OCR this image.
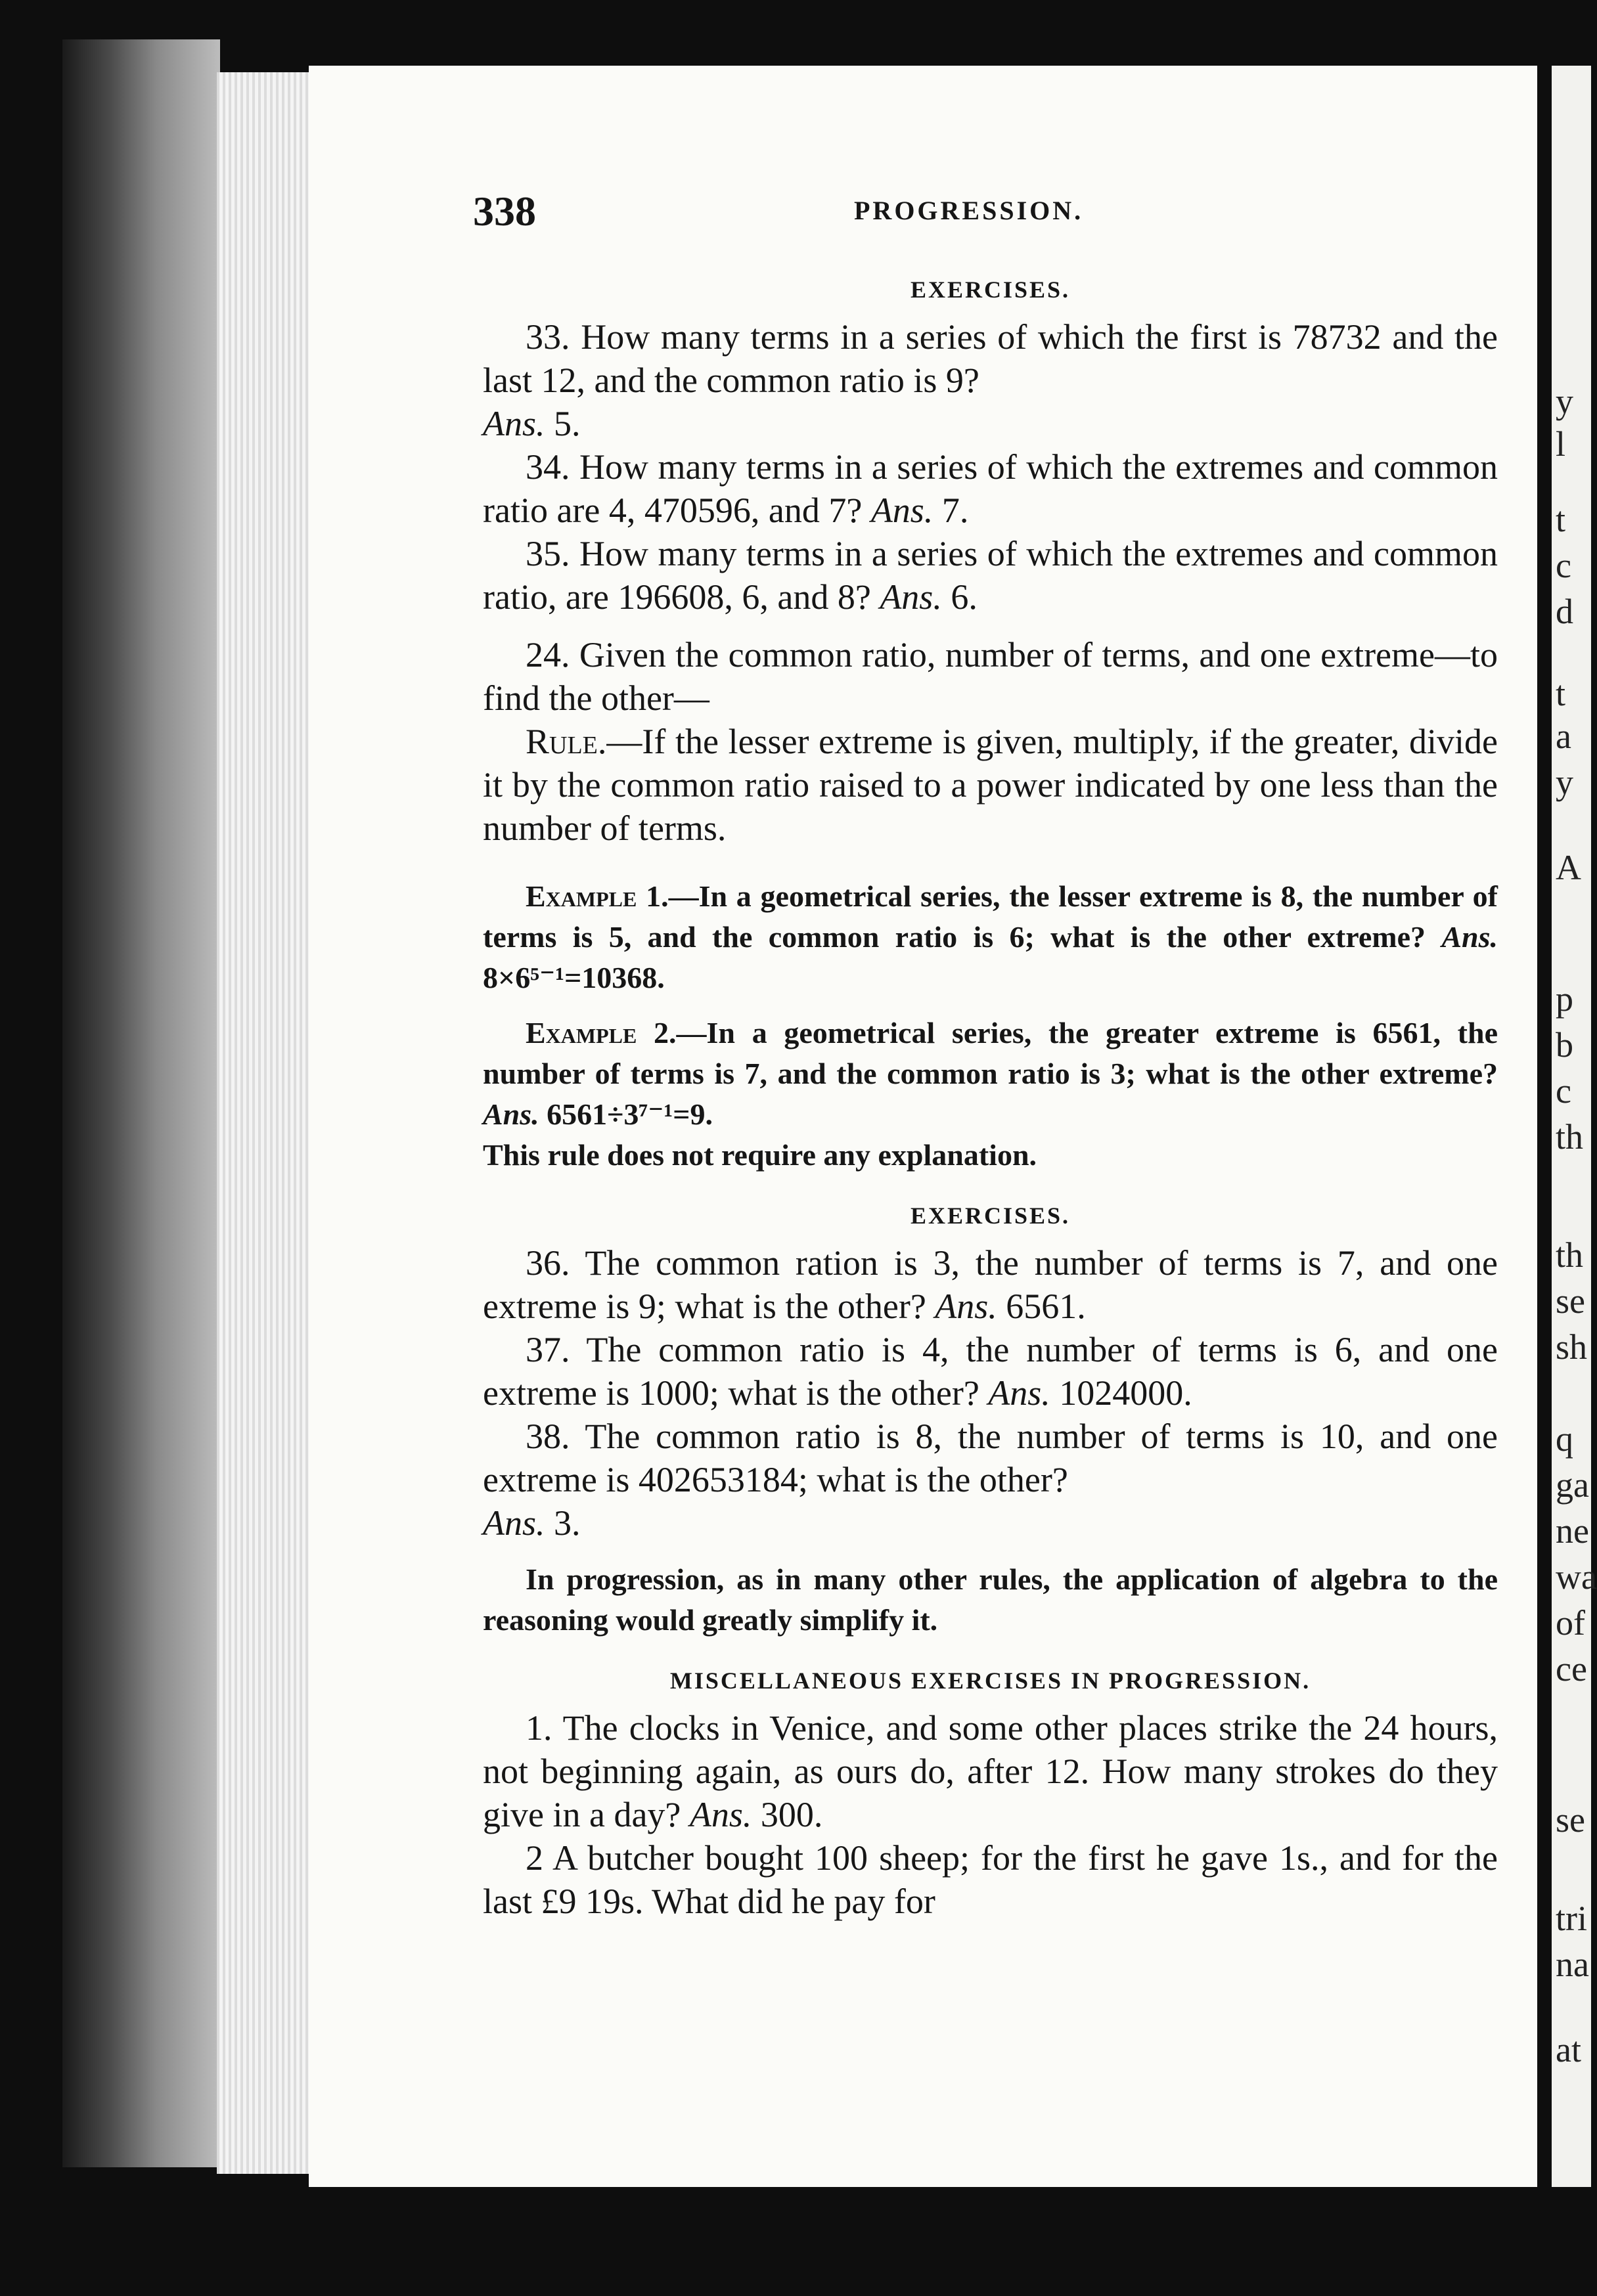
y
l
t
c
d
t
a
y
A
p
b
c
th
th
se
sh
q
ga
ne
wa
of
ce
se
tri
na
at
338	PROGRESSION.
EXERCISES.

33. How many terms in a series of which the first is 78732 and the last 12, and the common ratio is 9?
Ans. 5.

34. How many terms in a series of which the extremes and common ratio are 4, 470596, and 7? Ans. 7.

35. How many terms in a series of which the extremes and common ratio, are 196608, 6, and 8? Ans. 6.

24. Given the common ratio, number of terms, and one extreme—to find the other—

Rule.—If the lesser extreme is given, multiply, if the greater, divide it by the common ratio raised to a power indicated by one less than the number of terms.

Example 1.—In a geometrical series, the lesser extreme is 8, the number of terms is 5, and the common ratio is 6; what is the other extreme? Ans. 8×6⁵⁻¹=10368.

Example 2.—In a geometrical series, the greater extreme is 6561, the number of terms is 7, and the common ratio is 3; what is the other extreme? Ans. 6561÷3⁷⁻¹=9.

This rule does not require any explanation.

EXERCISES.

36. The common ration is 3, the number of terms is 7, and one extreme is 9; what is the other? Ans. 6561.

37. The common ratio is 4, the number of terms is 6, and one extreme is 1000; what is the other? Ans. 1024000.

38. The common ratio is 8, the number of terms is 10, and one extreme is 402653184; what is the other?
Ans. 3.

In progression, as in many other rules, the application of algebra to the reasoning would greatly simplify it.

MISCELLANEOUS EXERCISES IN PROGRESSION.

1. The clocks in Venice, and some other places strike the 24 hours, not beginning again, as ours do, after 12. How many strokes do they give in a day? Ans. 300.

2 A butcher bought 100 sheep; for the first he gave 1s., and for the last £9 19s. What did he pay for
